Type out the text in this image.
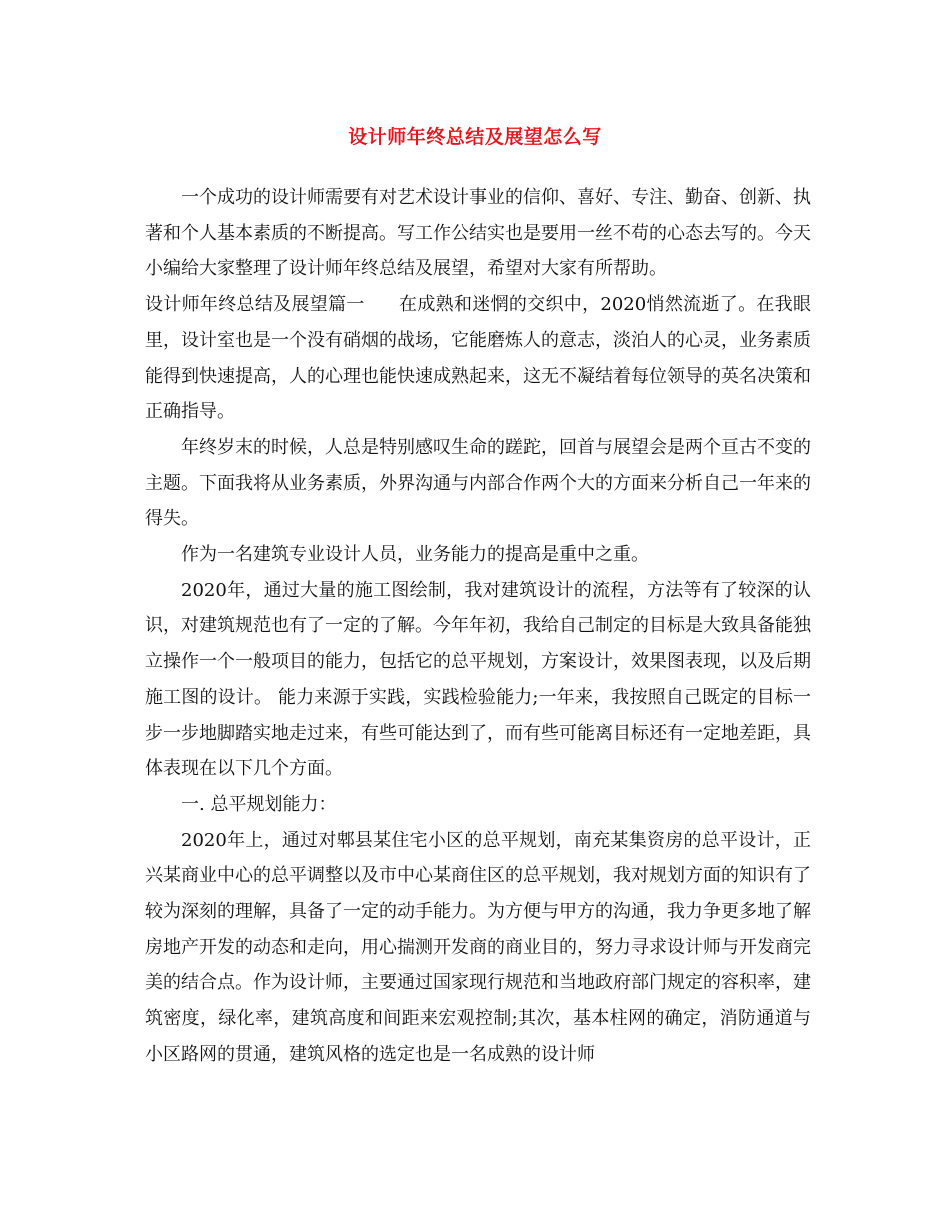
设计师年终总结及展望怎么写

一个成功的设计师需要有对艺术设计事业的信仰、喜好、专注、勤奋、创新、执著和个人基本素质的不断提高。写工作公结实也是要用一丝不苟的心态去写的。今天小编给大家整理了设计师年终总结及展望，希望对大家有所帮助。

设计师年终总结及展望篇一 在成熟和迷惘的交织中，2020悄然流逝了。在我眼里，设计室也是一个没有硝烟的战场，它能磨炼人的意志，淡泊人的心灵，业务素质能得到快速提高，人的心理也能快速成熟起来，这无不凝结着每位领导的英名决策和正确指导。

年终岁末的时候，人总是特别感叹生命的蹉跎，回首与展望会是两个亘古不变的主题。下面我将从业务素质，外界沟通与内部合作两个大的方面来分析自己一年来的得失。

作为一名建筑专业设计人员，业务能力的提高是重中之重。

2020年，通过大量的施工图绘制，我对建筑设计的流程，方法等有了较深的认识，对建筑规范也有了一定的了解。今年年初，我给自己制定的目标是大致具备能独立操作一个一般项目的能力，包括它的总平规划，方案设计，效果图表现，以及后期施工图的设计。 能力来源于实践，实践检验能力;一年来，我按照自己既定的目标一步一步地脚踏实地走过来，有些可能达到了，而有些可能离目标还有一定地差距，具体表现在以下几个方面。

一. 总平规划能力：

2020年上，通过对郫县某住宅小区的总平规划，南充某集资房的总平设计，正兴某商业中心的总平调整以及市中心某商住区的总平规划，我对规划方面的知识有了较为深刻的理解，具备了一定的动手能力。为方便与甲方的沟通，我力争更多地了解房地产开发的动态和走向，用心揣测开发商的商业目的，努力寻求设计师与开发商完美的结合点。作为设计师，主要通过国家现行规范和当地政府部门规定的容积率，建筑密度，绿化率，建筑高度和间距来宏观控制;其次，基本柱网的确定，消防通道与小区路网的贯通，建筑风格的选定也是一名成熟的设计师
